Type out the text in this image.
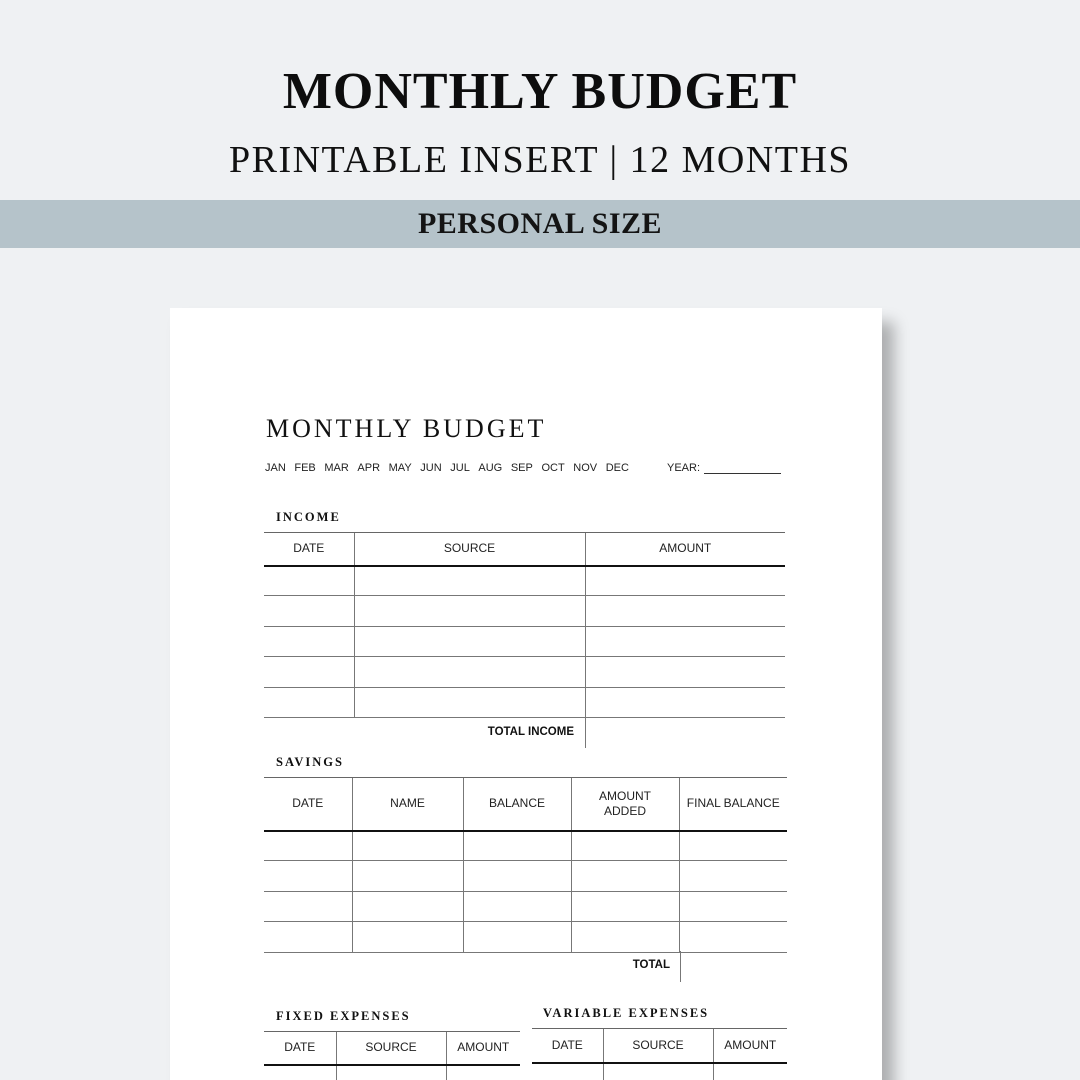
MONTHLY BUDGET
PRINTABLE INSERT | 12 MONTHS
PERSONAL SIZE
MONTHLY BUDGET
JAN FEB MAR APR MAY JUN JUL AUG SEP OCT NOV DEC	YEAR:
INCOME
DATE	SOURCE	AMOUNT

TOTAL INCOME
SAVINGS
DATE	NAME	BALANCE	AMOUNT ADDED	FINAL BALANCE

TOTAL
FIXED EXPENSES
DATE	SOURCE	AMOUNT

VARIABLE EXPENSES
DATE	SOURCE	AMOUNT
